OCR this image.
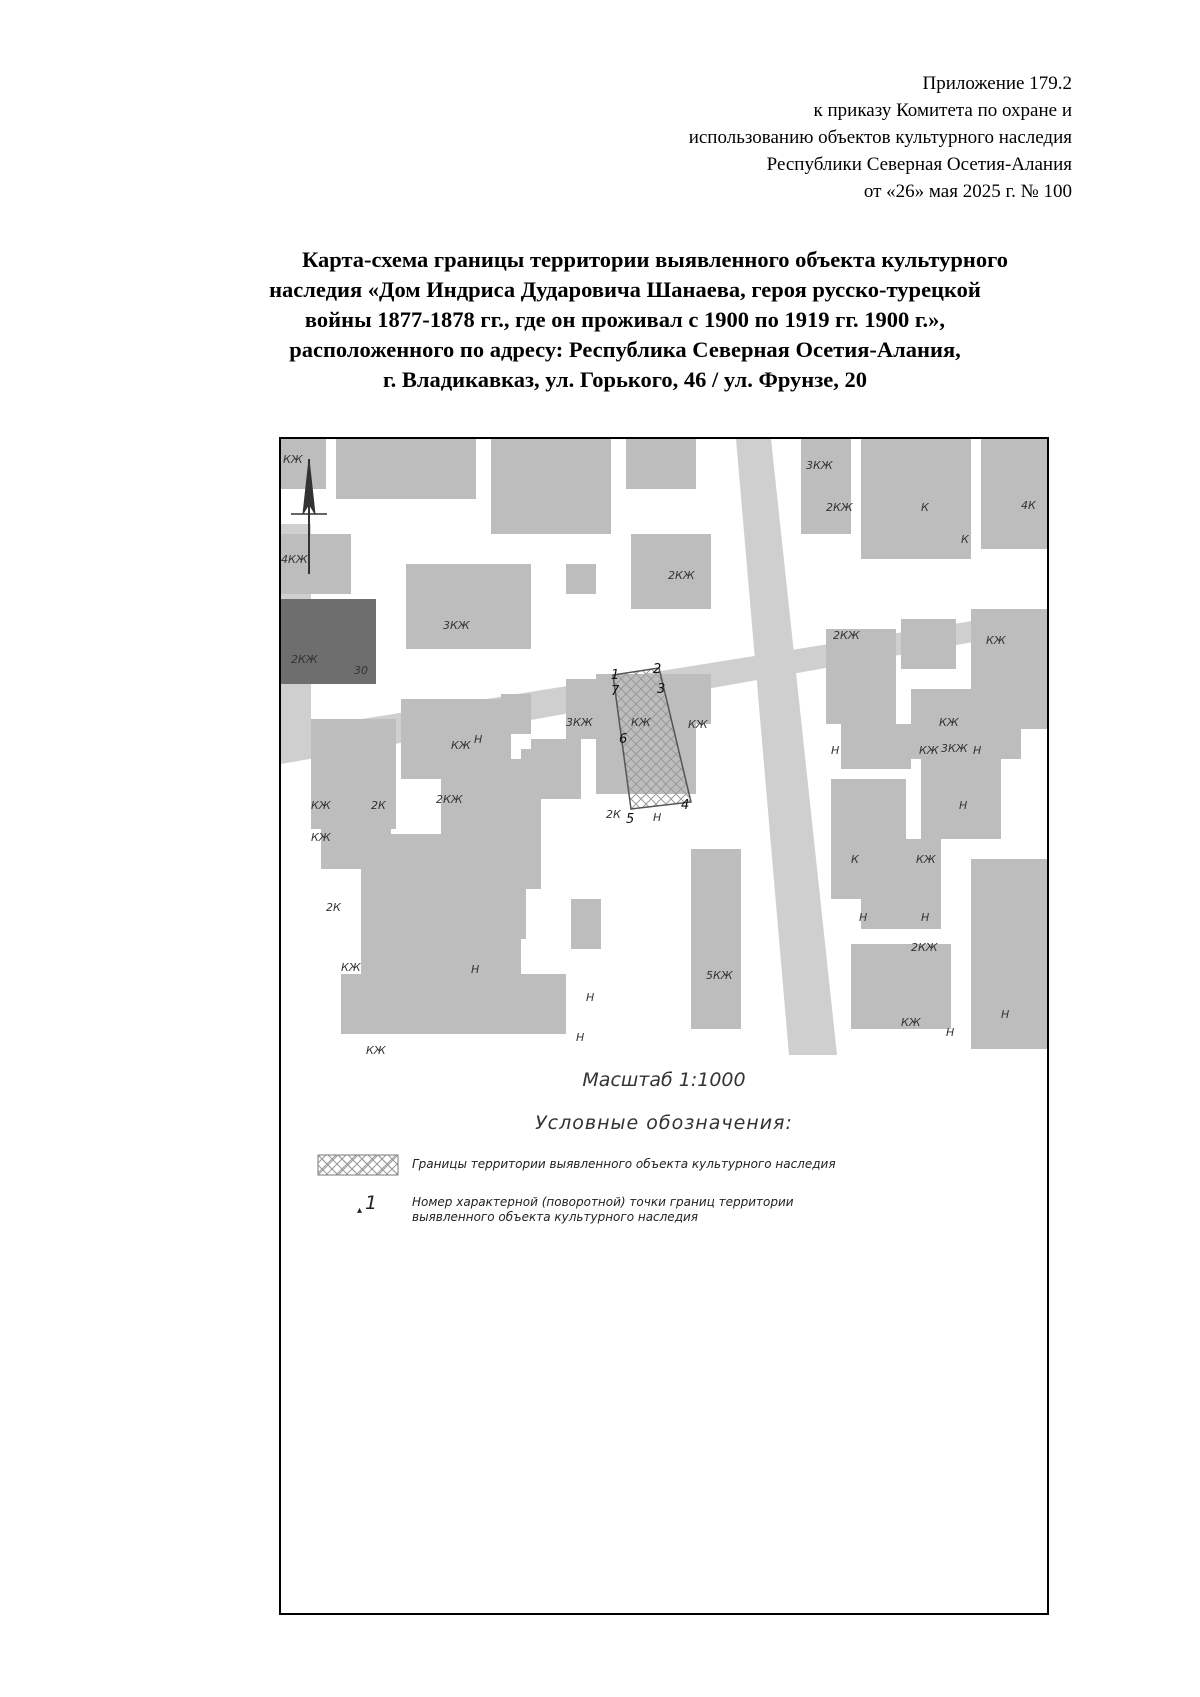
Приложение 179.2
к приказу Комитета по охране и
использованию объектов культурного наследия
Республики Северная Осетия-Алания
от «26» мая 2025 г. № 100
Карта-схема границы территории выявленного объекта культурного
наследия «Дом Индриса Дударовича Шанаева, героя русско-турецкой
войны 1877-1878 гг., где он проживал с 1900 по 1919 гг. 1900 г.»,
расположенного по адресу: Республика Северная Осетия-Алания,
г. Владикавказ, ул. Горького, 46 / ул. Фрунзе, 20
КЖ	3КЖ
2КЖ	К	4К
К
4КЖ
2КЖ
3КЖ
2КЖ
30
2КЖ
КЖ
3КЖ	КЖ	КЖ	КЖ
КЖ 3КЖ Н
Н
КЖ Н
2КЖ
КЖ	2К
КЖ
2К
Н
К	КЖ
Н
Н
Н
КЖ
Н
Н
2КЖ
5КЖ
Н
КЖ
КЖ
Н
2К	Н
1	2
3
4
5
6
7
Масштаб 1:1000
Условные обозначения:
Границы территории выявленного объекта культурного наследия
▴ 1	Номер характерной (поворотной) точки границ территории
выявленного объекта культурного наследия
